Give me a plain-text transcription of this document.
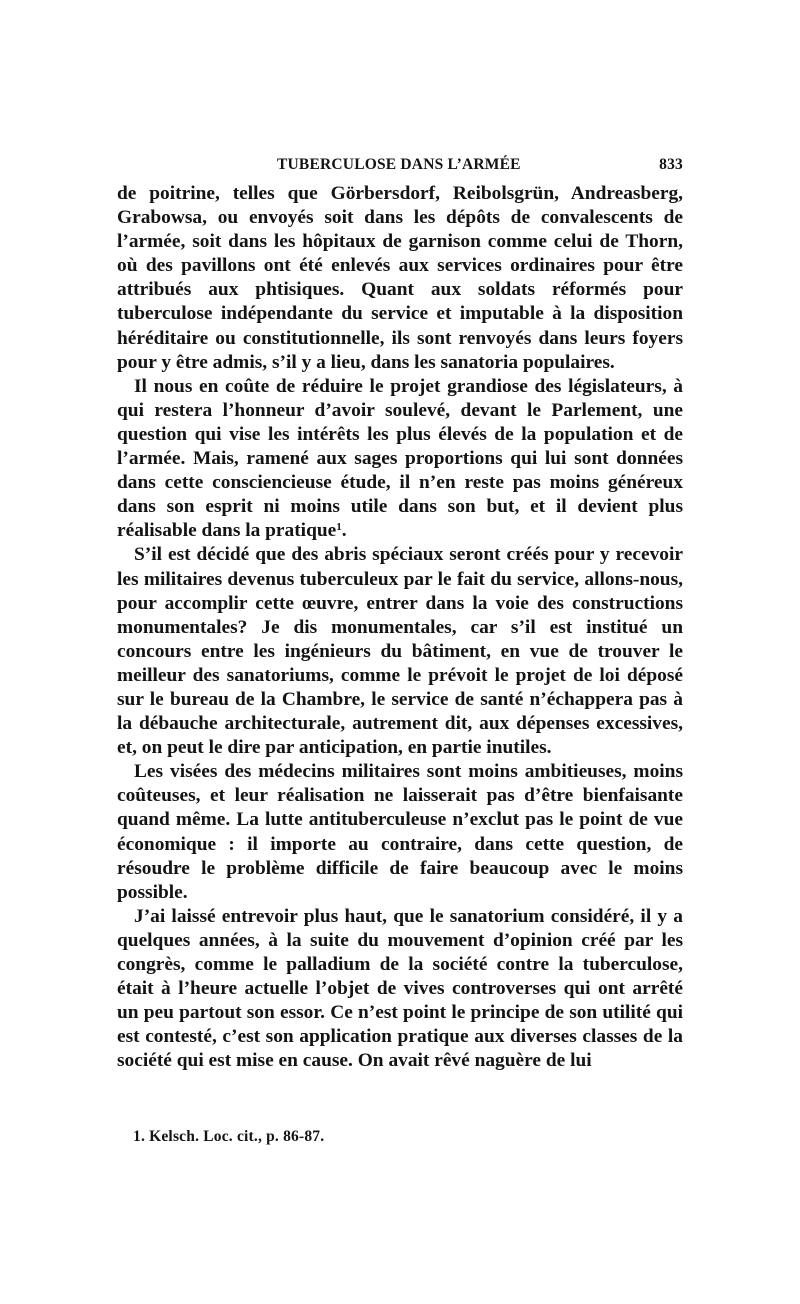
TUBERCULOSE DANS L’ARMÉE	833

de poitrine, telles que Görbersdorf, Reibolsgrün, Andreasberg, Grabowsa, ou envoyés soit dans les dépôts de convalescents de l’armée, soit dans les hôpitaux de garnison comme celui de Thorn, où des pavillons ont été enlevés aux services ordinaires pour être attribués aux phtisiques. Quant aux soldats réformés pour tuberculose indépendante du service et imputable à la disposition héréditaire ou constitutionnelle, ils sont renvoyés dans leurs foyers pour y être admis, s’il y a lieu, dans les sanatoria populaires.

Il nous en coûte de réduire le projet grandiose des législateurs, à qui restera l’honneur d’avoir soulevé, devant le Parlement, une question qui vise les intérêts les plus élevés de la population et de l’armée. Mais, ramené aux sages proportions qui lui sont données dans cette consciencieuse étude, il n’en reste pas moins généreux dans son esprit ni moins utile dans son but, et il devient plus réalisable dans la pratique$^1$.

S’il est décidé que des abris spéciaux seront créés pour y recevoir les militaires devenus tuberculeux par le fait du service, allons-nous, pour accomplir cette œuvre, entrer dans la voie des constructions monumentales? Je dis monumentales, car s’il est institué un concours entre les ingénieurs du bâtiment, en vue de trouver le meilleur des sanatoriums, comme le prévoit le projet de loi déposé sur le bureau de la Chambre, le service de santé n’échappera pas à la débauche architecturale, autrement dit, aux dépenses excessives, et, on peut le dire par anticipation, en partie inutiles.

Les visées des médecins militaires sont moins ambitieuses, moins coûteuses, et leur réalisation ne laisserait pas d’être bienfaisante quand même. La lutte antituberculeuse n’exclut pas le point de vue économique : il importe au contraire, dans cette question, de résoudre le problème difficile de faire beaucoup avec le moins possible.

J’ai laissé entrevoir plus haut, que le sanatorium considéré, il y a quelques années, à la suite du mouvement d’opinion créé par les congrès, comme le palladium de la société contre la tuberculose, était à l’heure actuelle l’objet de vives controverses qui ont arrêté un peu partout son essor. Ce n’est point le principe de son utilité qui est contesté, c’est son application pratique aux diverses classes de la société qui est mise en cause. On avait rêvé naguère de lui

1. Kelsch. Loc. cit., p. 86-87.
